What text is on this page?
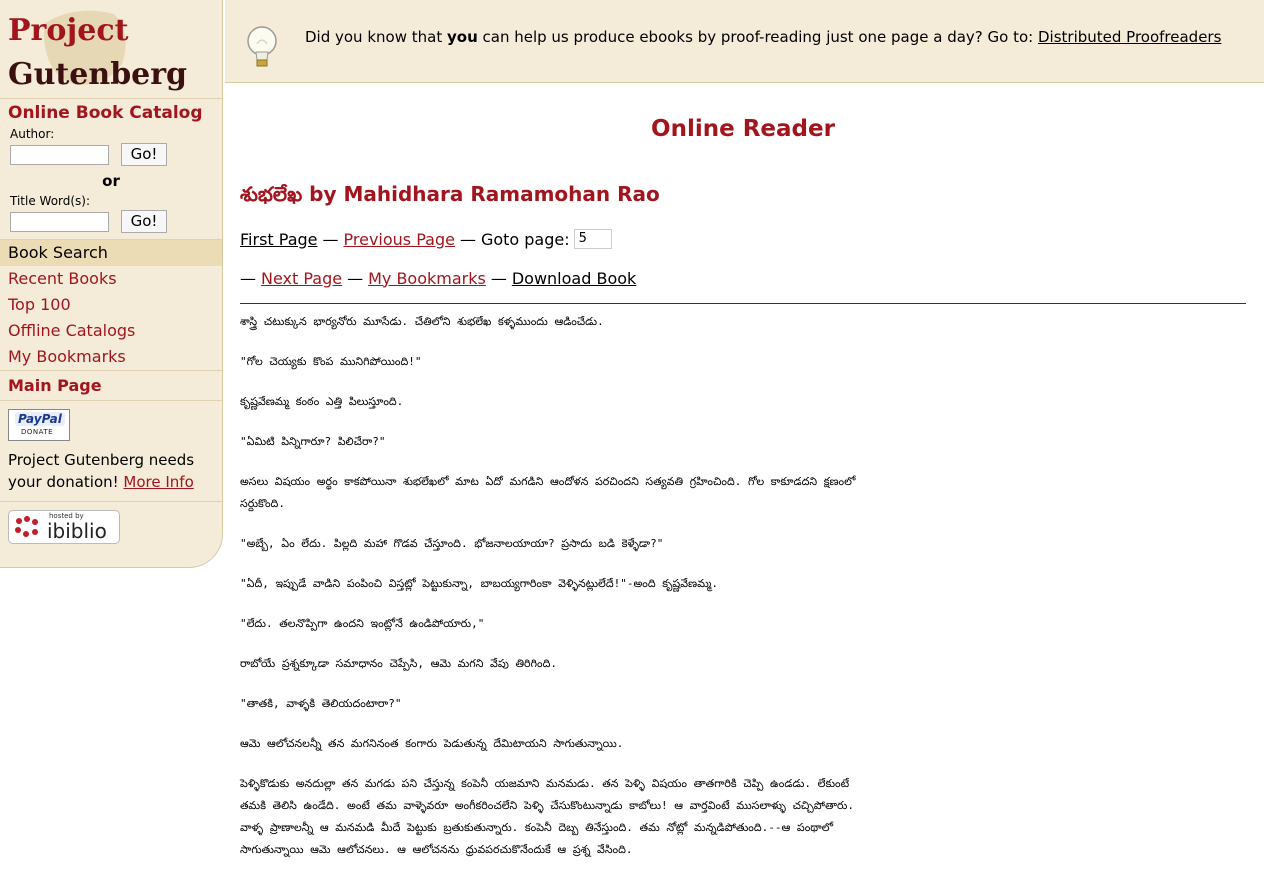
Project
Gutenberg
Online Book Catalog
Author:
Go!
or
Title Word(s):
Go!
Book Search
Recent Books
Top 100
Offline Catalogs
My Bookmarks
Main Page
PayPal
DONATE
Project Gutenberg needs your donation! More Info
hosted by
ibiblio
Did you know that you can help us produce ebooks by proof-reading just one page a day? Go to: Distributed Proofreaders
Online Reader
శుభలేఖ by Mahidhara Ramamohan Rao
First Page — Previous Page — Goto page: 5
— Next Page — My Bookmarks — Download Book

శాస్త్రి చటుక్కున భార్యనోరు మూసేడు. చేతిలోని శుభలేఖ కళ్ళముందు ఆడించేడు.

"గోల చెయ్యకు కొంప మునిగిపోయింది!"

కృష్ణవేణమ్మ కంఠం ఎత్తి పిలుస్తూంది.

"ఏమిటి పిన్నిగారూ? పిలిచేరా?"

అసలు విషయం అర్థం కాకపోయినా శుభలేఖలో మాట ఏదో మగడిని ఆందోళన పరచిందని సత్యవతి గ్రహించింది. గోల కాకూడదని క్షణంలో సర్దుకొంది.

"అబ్బే, ఏం లేదు. పిల్లది మహా గొడవ చేస్తూంది. భోజనాలయాయా? ప్రసాదు బడి కెళ్ళేడా?"

"ఏదీ, ఇప్పుడే వాడిని పంపించి విస్తట్లో పెట్టుకున్నా, బాబయ్యగారింకా వెళ్ళినట్లులేదే!"-అంది కృష్ణవేణమ్మ.

"లేదు. తలనొప్పిగా ఉందని ఇంట్లోనే ఉండిపోయారు,"

రాబోయే ప్రశ్నక్కూడా సమాధానం చెప్పేసి, ఆమె మగని వేపు తిరిగింది.

"తాతకి, వాళ్ళకి తెలియదంటారా?"

ఆమె ఆలోచనలన్నీ తన మగనినంత కంగారు పెడుతున్న దేమిటాయని సాగుతున్నాయి.

పెళ్ళికొడుకు అనదుల్లా తన మగడు పని చేస్తున్న కంపెనీ యజమాని మనమడు. తన పెళ్ళి విషయం తాతగారికి చెప్పి ఉండడు. లేకుంటే తమకి తెలిసి ఉండేది. అంటే తమ వాళ్ళెవరూ అంగీకరించలేని పెళ్ళి చేసుకొంటున్నాడు కాబోలు! ఆ వార్తవింటే ముసలాళ్ళు చచ్చిపోతారు. వాళ్ళ ప్రాణాలన్నీ ఆ మనమడి మీదే పెట్టుకు బ్రతుకుతున్నారు. కంపెనీ దెబ్బ తినేస్తుంది. తమ నోట్లో మన్నడిపోతుంది.--ఆ పంథాలో సాగుతున్నాయి ఆమె ఆలోచనలు. ఆ ఆలోచనను ధ్రువపరచుకొనేందుకే ఆ ప్రశ్న వేసింది.
